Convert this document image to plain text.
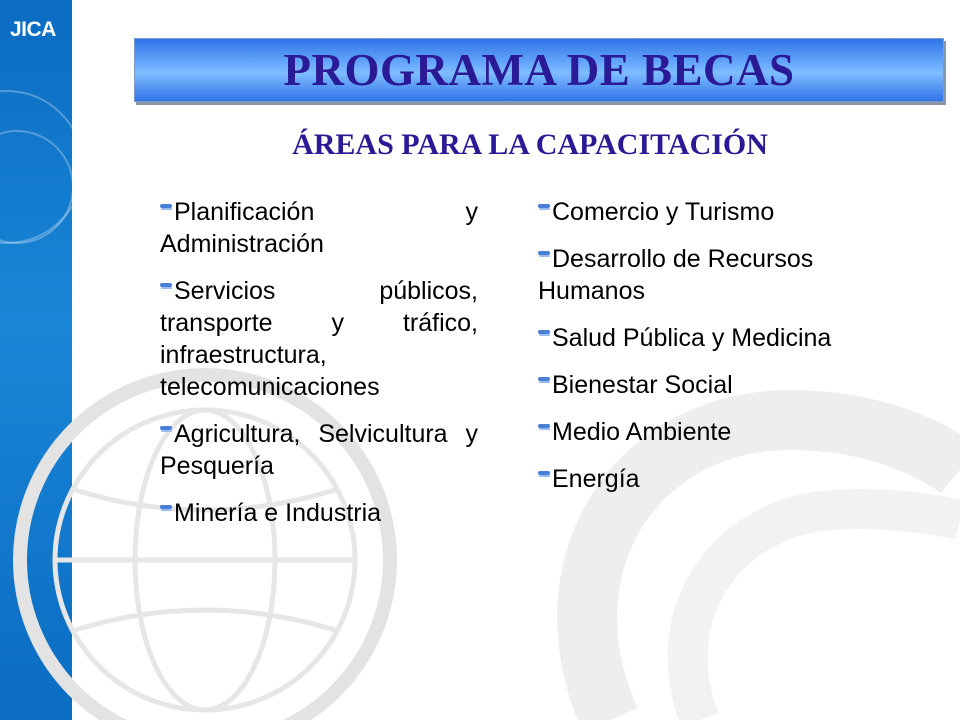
JICA
PROGRAMA DE BECAS
ÁREAS PARA LA CAPACITACIÓN
Planificación y Administración
Servicios públicos, transporte y tráfico, infraestructura, telecomunicaciones
Agricultura, Selvicultura y Pesquería
Minería e Industria
Comercio y Turismo
Desarrollo de Recursos Humanos
Salud Pública y Medicina
Bienestar Social
Medio Ambiente
Energía
